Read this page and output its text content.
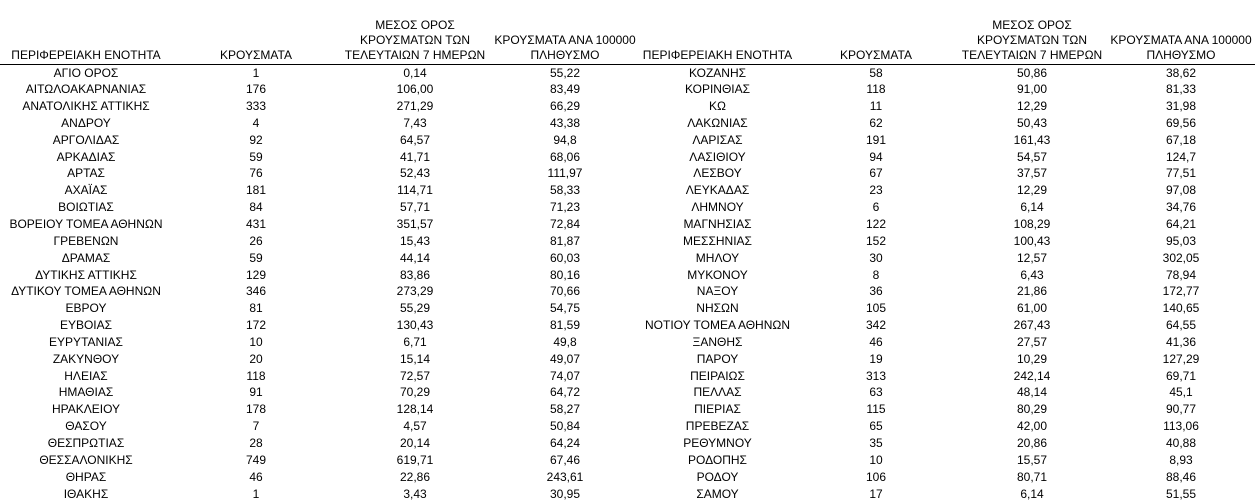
ΠΕΡΙΦΕΡΕΙΑΚΗ ΕΝΟΤΗΤΑ	ΚΡΟΥΣΜΑΤΑ	ΜΕΣΟΣ ΟΡΟΣ
ΚΡΟΥΣΜΑΤΩΝ ΤΩΝ
ΤΕΛΕΥΤΑΙΩΝ 7 ΗΜΕΡΩΝ	ΚΡΟΥΣΜΑΤΑ ΑΝΑ 100000
ΠΛΗΘΥΣΜΟ
ΑΓΙΟ ΟΡΟΣ	1	0,14	55,22
ΑΙΤΩΛΟΑΚΑΡΝΑΝΙΑΣ	176	106,00	83,49
ΑΝΑΤΟΛΙΚΗΣ ΑΤΤΙΚΗΣ	333	271,29	66,29
ΑΝΔΡΟΥ	4	7,43	43,38
ΑΡΓΟΛΙΔΑΣ	92	64,57	94,8
ΑΡΚΑΔΙΑΣ	59	41,71	68,06
ΑΡΤΑΣ	76	52,43	111,97
ΑΧΑΪΑΣ	181	114,71	58,33
ΒΟΙΩΤΙΑΣ	84	57,71	71,23
ΒΟΡΕΙΟΥ ΤΟΜΕΑ ΑΘΗΝΩΝ	431	351,57	72,84
ΓΡΕΒΕΝΩΝ	26	15,43	81,87
ΔΡΑΜΑΣ	59	44,14	60,03
ΔΥΤΙΚΗΣ ΑΤΤΙΚΗΣ	129	83,86	80,16
ΔΥΤΙΚΟΥ ΤΟΜΕΑ ΑΘΗΝΩΝ	346	273,29	70,66
ΕΒΡΟΥ	81	55,29	54,75
ΕΥΒΟΙΑΣ	172	130,43	81,59
ΕΥΡΥΤΑΝΙΑΣ	10	6,71	49,8
ΖΑΚΥΝΘΟΥ	20	15,14	49,07
ΗΛΕΙΑΣ	118	72,57	74,07
ΗΜΑΘΙΑΣ	91	70,29	64,72
ΗΡΑΚΛΕΙΟΥ	178	128,14	58,27
ΘΑΣΟΥ	7	4,57	50,84
ΘΕΣΠΡΩΤΙΑΣ	28	20,14	64,24
ΘΕΣΣΑΛΟΝΙΚΗΣ	749	619,71	67,46
ΘΗΡΑΣ	46	22,86	243,61
ΙΘΑΚΗΣ	1	3,43	30,95
ΠΕΡΙΦΕΡΕΙΑΚΗ ΕΝΟΤΗΤΑ	ΚΡΟΥΣΜΑΤΑ	ΜΕΣΟΣ ΟΡΟΣ
ΚΡΟΥΣΜΑΤΩΝ ΤΩΝ
ΤΕΛΕΥΤΑΙΩΝ 7 ΗΜΕΡΩΝ	ΚΡΟΥΣΜΑΤΑ ΑΝΑ 100000
ΠΛΗΘΥΣΜΟ
ΚΟΖΑΝΗΣ	58	50,86	38,62
ΚΟΡΙΝΘΙΑΣ	118	91,00	81,33
ΚΩ	11	12,29	31,98
ΛΑΚΩΝΙΑΣ	62	50,43	69,56
ΛΑΡΙΣΑΣ	191	161,43	67,18
ΛΑΣΙΘΙΟΥ	94	54,57	124,7
ΛΕΣΒΟΥ	67	37,57	77,51
ΛΕΥΚΑΔΑΣ	23	12,29	97,08
ΛΗΜΝΟΥ	6	6,14	34,76
ΜΑΓΝΗΣΙΑΣ	122	108,29	64,21
ΜΕΣΣΗΝΙΑΣ	152	100,43	95,03
ΜΗΛΟΥ	30	12,57	302,05
ΜΥΚΟΝΟΥ	8	6,43	78,94
ΝΑΞΟΥ	36	21,86	172,77
ΝΗΣΩΝ	105	61,00	140,65
ΝΟΤΙΟΥ ΤΟΜΕΑ ΑΘΗΝΩΝ	342	267,43	64,55
ΞΑΝΘΗΣ	46	27,57	41,36
ΠΑΡΟΥ	19	10,29	127,29
ΠΕΙΡΑΙΩΣ	313	242,14	69,71
ΠΕΛΛΑΣ	63	48,14	45,1
ΠΙΕΡΙΑΣ	115	80,29	90,77
ΠΡΕΒΕΖΑΣ	65	42,00	113,06
ΡΕΘΥΜΝΟΥ	35	20,86	40,88
ΡΟΔΟΠΗΣ	10	15,57	8,93
ΡΟΔΟΥ	106	80,71	88,46
ΣΑΜΟΥ	17	6,14	51,55
